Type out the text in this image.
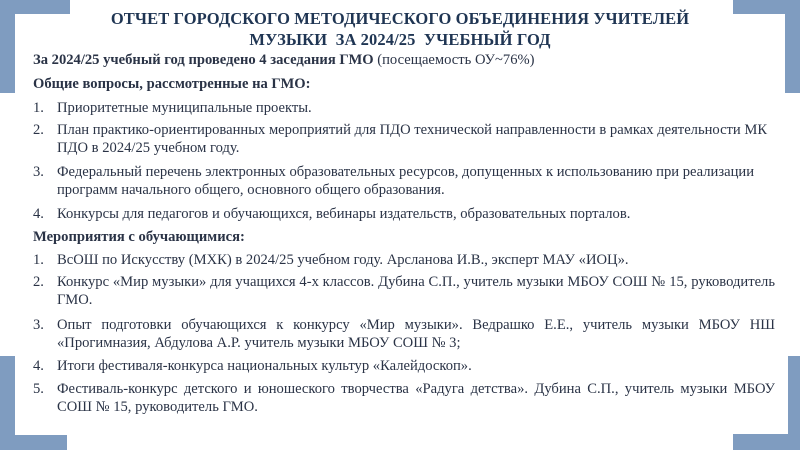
ОТЧЕТ ГОРОДСКОГО МЕТОДИЧЕСКОГО ОБЪЕДИНЕНИЯ УЧИТЕЛЕЙ
МУЗЫКИ  ЗА 2024/25  УЧЕБНЫЙ ГОД
За 2024/25 учебный год проведено 4 заседания ГМО (посещаемость ОУ~76%)
Общие вопросы, рассмотренные на ГМО:
1. Приоритетные муниципальные проекты.
2. План практико-ориентированных мероприятий для ПДО технической направленности в рамках деятельности МК ПДО в 2024/25 учебном году.
3. Федеральный перечень электронных образовательных ресурсов, допущенных к использованию при реализации программ начального общего, основного общего образования.
4. Конкурсы для педагогов и обучающихся, вебинары издательств, образовательных порталов.
Мероприятия с обучающимися:
1. ВсОШ по Искусству (МХК) в 2024/25 учебном году. Арсланова И.В., эксперт МАУ «ИОЦ».
2. Конкурс «Мир музыки» для учащихся 4-х классов. Дубина С.П., учитель музыки МБОУ СОШ № 15, руководитель ГМО.
3. Опыт подготовки обучающихся к конкурсу «Мир музыки». Ведрашко Е.Е., учитель музыки МБОУ НШ «Прогимназия, Абдулова А.Р. учитель музыки МБОУ СОШ № 3;
4. Итоги фестиваля-конкурса национальных культур «Калейдоскоп».
5. Фестиваль-конкурс детского и юношеского творчества «Радуга детства». Дубина С.П., учитель музыки МБОУ СОШ № 15, руководитель ГМО.
